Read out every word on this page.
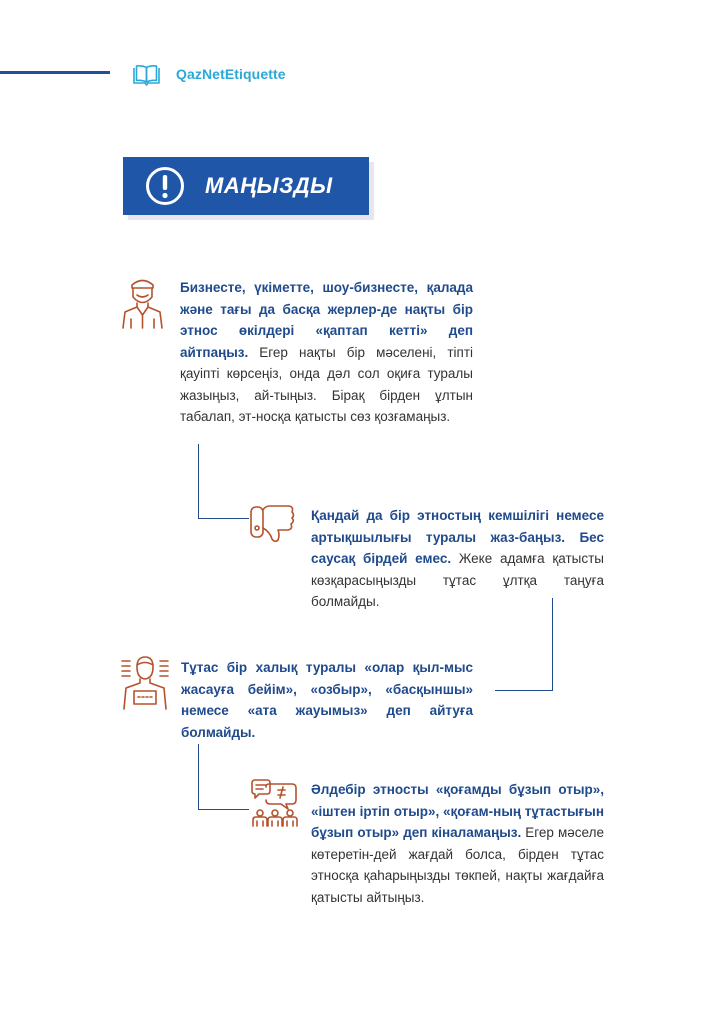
QazNetEtiquette
МАҢЫЗДЫ

Бизнесте, үкіметте, шоу-бизнесте, қалада және тағы да басқа жерлер-де нақты бір этнос өкілдері «қаптап кетті» деп айтпаңыз. Егер нақты бір мәселені, тіпті қауіпті көрсеңіз, онда дәл сол оқиға туралы жазыңыз, ай-тыңыз. Бірақ бірден ұлтын табалап, эт-носқа қатысты сөз қозғамаңыз.

Қандай да бір этностың кемшілігі немесе артықшылығы туралы жаз-баңыз. Бес саусақ бірдей емес. Жеке адамға қатысты көзқарасыңызды тұтас ұлтқа таңуға болмайды.

Тұтас бір халық туралы «олар қыл-мыс жасауға бейім», «озбыр», «басқыншы» немесе «ата жауымыз» деп айтуға болмайды.

Әлдебір этносты «қоғамды бұзып отыр», «іштен іртіп отыр», «қоғам-ның тұтастығын бұзып отыр» деп кіналамаңыз. Егер мәселе көтеретін-дей жағдай болса, бірден тұтас этносқа қаһарыңызды төкпей, нақты жағдайға қатысты айтыңыз.
